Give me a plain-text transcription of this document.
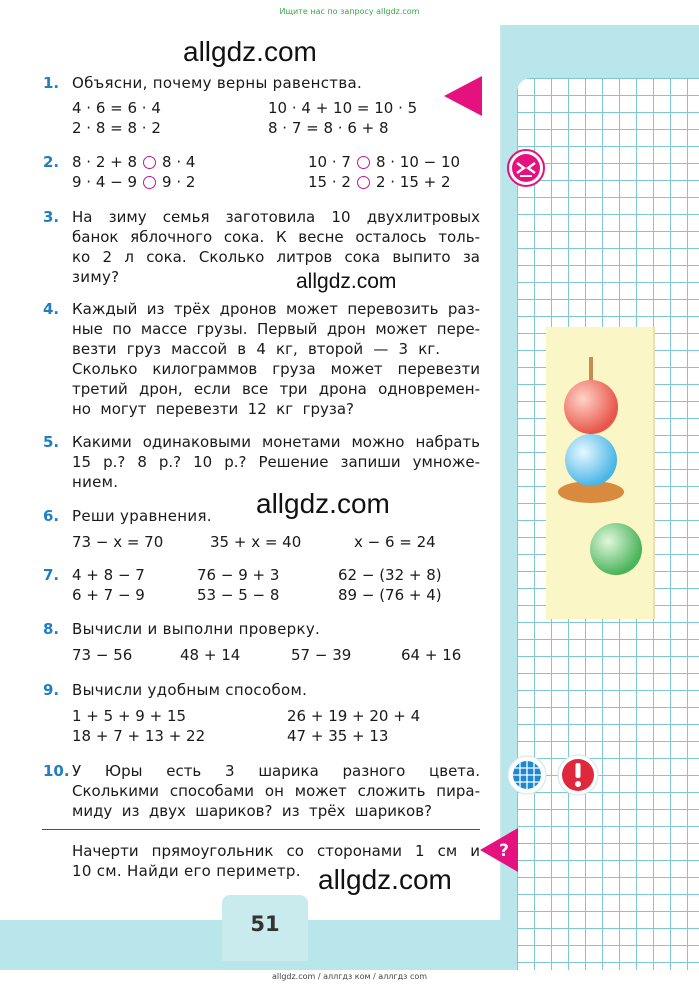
Ищите нас по запросу allgdz.com
allgdz.com
allgdz.com
allgdz.com
allgdz.com
1. Объясни, почему верны равенства.
4 · 6 = 6 · 4	10 · 4 + 10 = 10 · 5
2 · 8 = 8 · 2	8 · 7 = 8 · 6 + 8
2. 8 · 2 + 8 8 · 4	10 · 7 8 · 10 − 10
9 · 4 − 9 9 · 2	15 · 2 2 · 15 + 2
3. На зиму семья заготовила 10 двухлитровых
банок яблочного сока. К весне осталось толь-
ко 2 л сока. Сколько литров сока выпито за
зиму?
4. Каждый из трёх дронов может перевозить раз-
ные по массе грузы. Первый дрон может пере-
везти груз массой в 4 кг, второй — 3 кг.
Сколько килограммов груза может перевезти
третий дрон, если все три дрона одновремен-
но могут перевезти 12 кг груза?
5. Какими одинаковыми монетами можно набрать
15 р.? 8 р.? 10 р.? Решение запиши умноже-
нием.
6. Реши уравнения.
73 − x = 70	35 + x = 40	x − 6 = 24
7. 4 + 8 − 7	76 − 9 + 3	62 − (32 + 8)
6 + 7 − 9	53 − 5 − 8	89 − (76 + 4)
8. Вычисли и выполни проверку.
73 − 56	48 + 14	57 − 39	64 + 16
9. Вычисли удобным способом.
1 + 5 + 9 + 15	26 + 19 + 20 + 4
18 + 7 + 13 + 22	47 + 35 + 13
10. У Юры есть 3 шарика разного цвета.
Сколькими способами он может сложить пира-
миду из двух шариков? из трёх шариков?
?
Начерти прямоугольник со сторонами 1 см и
10 см. Найди его периметр.
51
allgdz.com / аллгдз ком / аллгдз com
